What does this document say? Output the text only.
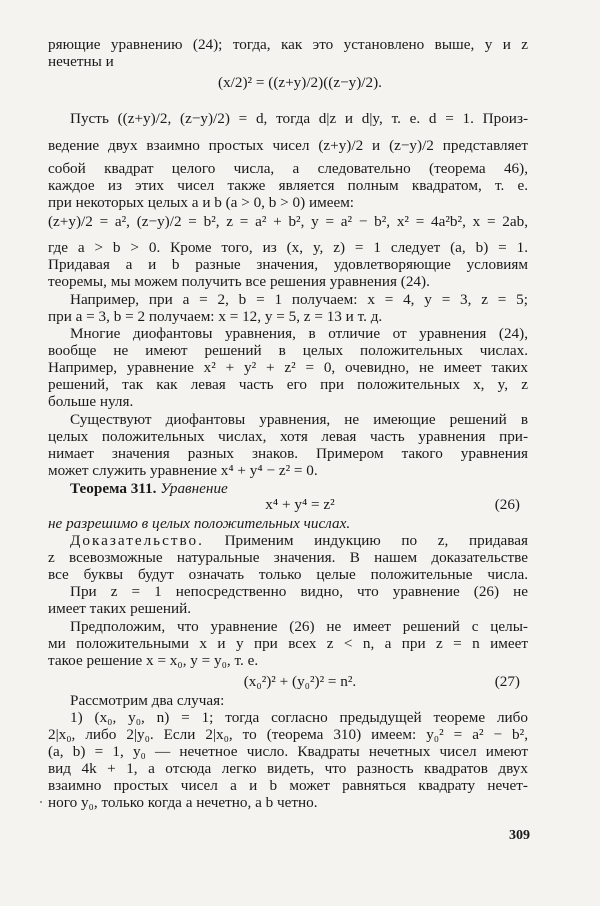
ряющие уравнению (24); тогда, как это установлено выше, y и z
нечетны и
(x/2)² = ((z+y)/2)((z−y)/2).
Пусть ((z+y)/2, (z−y)/2) = d, тогда d|z и d|y, т. е. d = 1. Произ-
ведение двух взаимно простых чисел (z+y)/2 и (z−y)/2 представляет
собой квадрат целого числа, а следовательно (теорема 46),
каждое из этих чисел также является полным квадратом, т. е.
при некоторых целых a и b (a > 0, b > 0) имеем:
(z+y)/2 = a², (z−y)/2 = b², z = a² + b², y = a² − b², x² = 4a²b², x = 2ab,
где a > b > 0. Кроме того, из (x, y, z) = 1 следует (a, b) = 1.
Придавая a и b разные значения, удовлетворяющие условиям
теоремы, мы можем получить все решения уравнения (24).
Например, при a = 2, b = 1 получаем: x = 4, y = 3, z = 5;
при a = 3, b = 2 получаем: x = 12, y = 5, z = 13 и т. д.
Многие диофантовы уравнения, в отличие от уравнения (24),
вообще не имеют решений в целых положительных числах.
Например, уравнение x² + y² + z² = 0, очевидно, не имеет таких
решений, так как левая часть его при положительных x, y, z
больше нуля.
Существуют диофантовы уравнения, не имеющие решений в
целых положительных числах, хотя левая часть уравнения при-
нимает значения разных знаков. Примером такого уравнения
может служить уравнение x⁴ + y⁴ − z² = 0.
Теорема 311. Уравнение
x⁴ + y⁴ = z²	(26)
не разрешимо в целых положительных числах.
Доказательство. Применим индукцию по z, придавая
z всевозможные натуральные значения. В нашем доказательстве
все буквы будут означать только целые положительные числа.
При z = 1 непосредственно видно, что уравнение (26) не
имеет таких решений.
Предположим, что уравнение (26) не имеет решений с целы-
ми положительными x и y при всех z < n, а при z = n имеет
такое решение x = x₀, y = y₀, т. е.
(x₀²)² + (y₀²)² = n².	(27)
Рассмотрим два случая:
1) (x₀, y₀, n) = 1; тогда согласно предыдущей теореме либо
2|x₀, либо 2|y₀. Если 2|x₀, то (теорема 310) имеем: y₀² = a² − b²,
(a, b) = 1, y₀ — нечетное число. Квадраты нечетных чисел имеют
вид 4k + 1, а отсюда легко видеть, что разность квадратов двух
взаимно простых чисел a и b может равняться квадрату нечет-
ного y₀, только когда a нечетно, а b четно.
309
